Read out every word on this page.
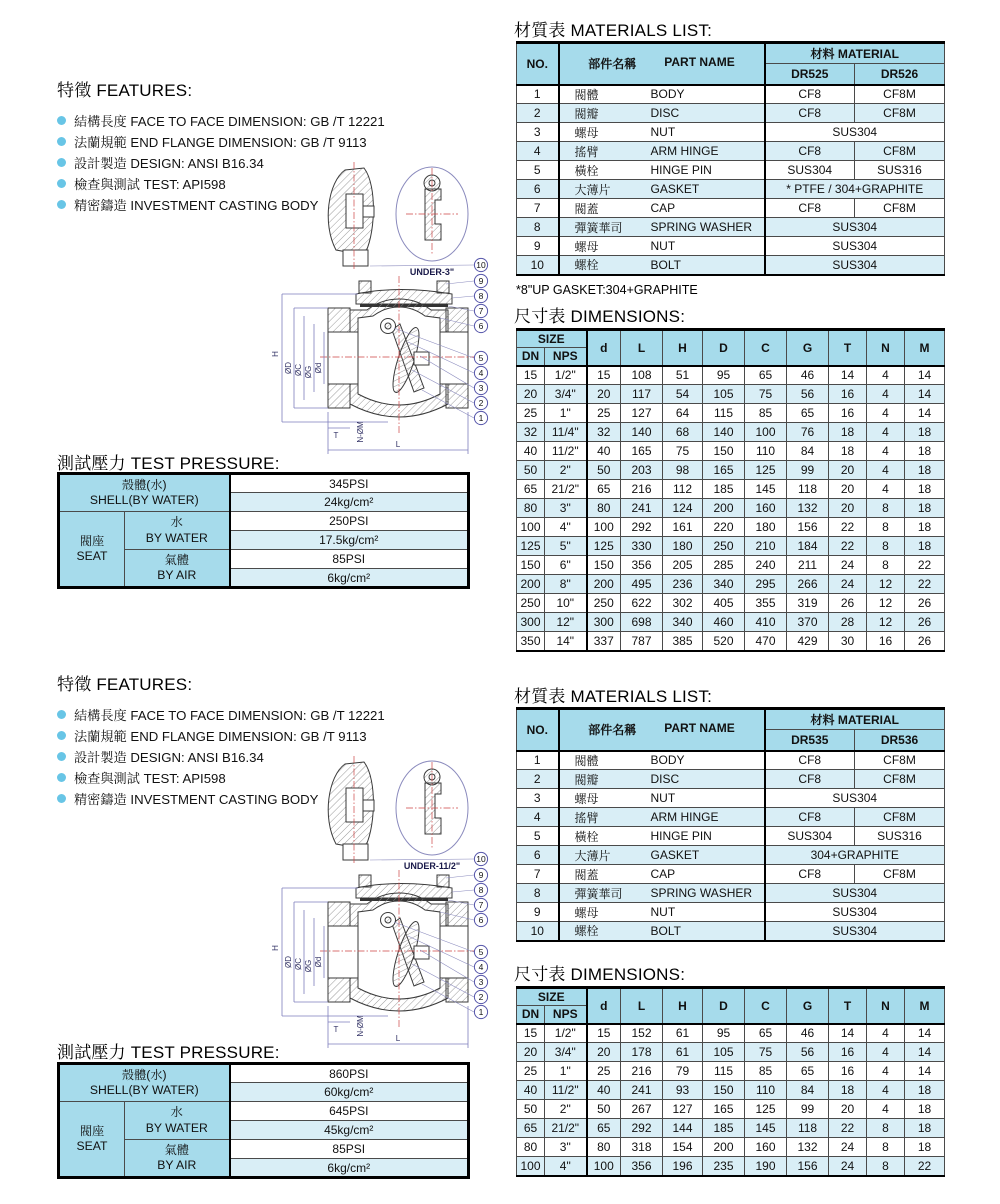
特徵 FEATURES:
結構長度 FACE TO FACE DIMENSION: GB /T 12221
法蘭規範 END FLANGE DIMENSION: GB /T 9113
設計製造 DESIGN: ANSI B16.34
檢查與測試 TEST: API598
精密鑄造 INVESTMENT CASTING BODY
UNDER-3"
H
ØD ØC ØG Ød
L
T N-ØM
10
9
8
7
6
5
4
3
2
1
測試壓力 TEST PRESSURE:
殼體(水)
SHELL(BY WATER)		345PSI
		24kg/cm²

閥座
SEAT	水
BY WATER	250PSI
		17.5kg/cm²

	氣體
BY AIR	85PSI
		6kg/cm²
材質表 MATERIALS LIST:
NO.	部件名稱 PART NAME		材料 MATERIAL	
			DR525	DR526
1	閥體	BODY	CF8	CF8M
2	閥瓣	DISC	CF8	CF8M
3	螺母	NUT	SUS304	
4	搖臂	ARM HINGE	CF8	CF8M
5	橫栓	HINGE PIN	SUS304	SUS316
6	大薄片	GASKET	* PTFE / 304+GRAPHITE	
7	閥蓋	CAP	CF8	CF8M
8	彈簧華司	SPRING WASHER	SUS304	
9	螺母	NUT	SUS304	
10	螺栓	BOLT	SUS304	
*8"UP GASKET:304+GRAPHITE
尺寸表 DIMENSIONS:
SIZE		d	L	H	D	C	G	T	N	M
DN	NPS									
15	1/2"	15	108	51	95	65	46	14	4	14
20	3/4"	20	117	54	105	75	56	16	4	14
25	1"	25	127	64	115	85	65	16	4	14
32	11/4"	32	140	68	140	100	76	18	4	18
40	11/2"	40	165	75	150	110	84	18	4	18
50	2"	50	203	98	165	125	99	20	4	18
65	21/2"	65	216	112	185	145	118	20	4	18
80	3"	80	241	124	200	160	132	20	8	18
100	4"	100	292	161	220	180	156	22	8	18
125	5"	125	330	180	250	210	184	22	8	18
150	6"	150	356	205	285	240	211	24	8	22
200	8"	200	495	236	340	295	266	24	12	22
250	10"	250	622	302	405	355	319	26	12	26
300	12"	300	698	340	460	410	370	28	12	26
350	14"	337	787	385	520	470	429	30	16	26
特徵 FEATURES:
結構長度 FACE TO FACE DIMENSION: GB /T 12221
法蘭規範 END FLANGE DIMENSION: GB /T 9113
設計製造 DESIGN: ANSI B16.34
檢查與測試 TEST: API598
精密鑄造 INVESTMENT CASTING BODY
UNDER-11/2"
H
ØD ØC ØG Ød
L
T N-ØM
10
9
8
7
6
5
4
3
2
1
測試壓力 TEST PRESSURE:
殼體(水)
SHELL(BY WATER)		860PSI
		60kg/cm²

閥座
SEAT	水
BY WATER	645PSI
		45kg/cm²

	氣體
BY AIR	85PSI
		6kg/cm²
材質表 MATERIALS LIST:
NO.	部件名稱 PART NAME		材料 MATERIAL	
			DR535	DR536
1	閥體	BODY	CF8	CF8M
2	閥瓣	DISC	CF8	CF8M
3	螺母	NUT	SUS304	
4	搖臂	ARM HINGE	CF8	CF8M
5	橫栓	HINGE PIN	SUS304	SUS316
6	大薄片	GASKET	304+GRAPHITE	
7	閥蓋	CAP	CF8	CF8M
8	彈簧華司	SPRING WASHER	SUS304	
9	螺母	NUT	SUS304	
10	螺栓	BOLT	SUS304	
尺寸表 DIMENSIONS:
SIZE		d	L	H	D	C	G	T	N	M
DN	NPS									
15	1/2"	15	152	61	95	65	46	14	4	14
20	3/4"	20	178	61	105	75	56	16	4	14
25	1"	25	216	79	115	85	65	16	4	14
40	11/2"	40	241	93	150	110	84	18	4	18
50	2"	50	267	127	165	125	99	20	4	18
65	21/2"	65	292	144	185	145	118	22	8	18
80	3"	80	318	154	200	160	132	24	8	18
100	4"	100	356	196	235	190	156	24	8	22
